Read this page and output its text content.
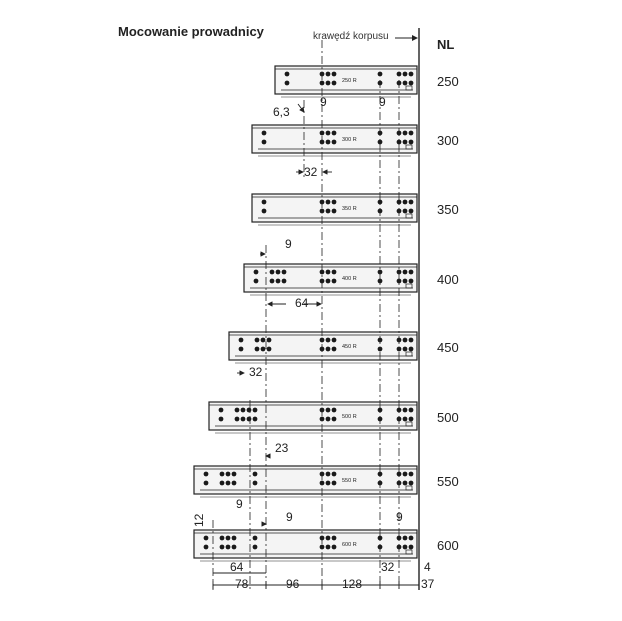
Mocowanie prowadnicy	krawędź korpusu
NL
250 R
300 R
350 R
400 R
450 R
500 R
550 R
600 R
250
300
350
400
450
500
550
600
6,3
9	9
32
9
64
32
23
12
9
9	9
64
78	96	128
32 4
37
